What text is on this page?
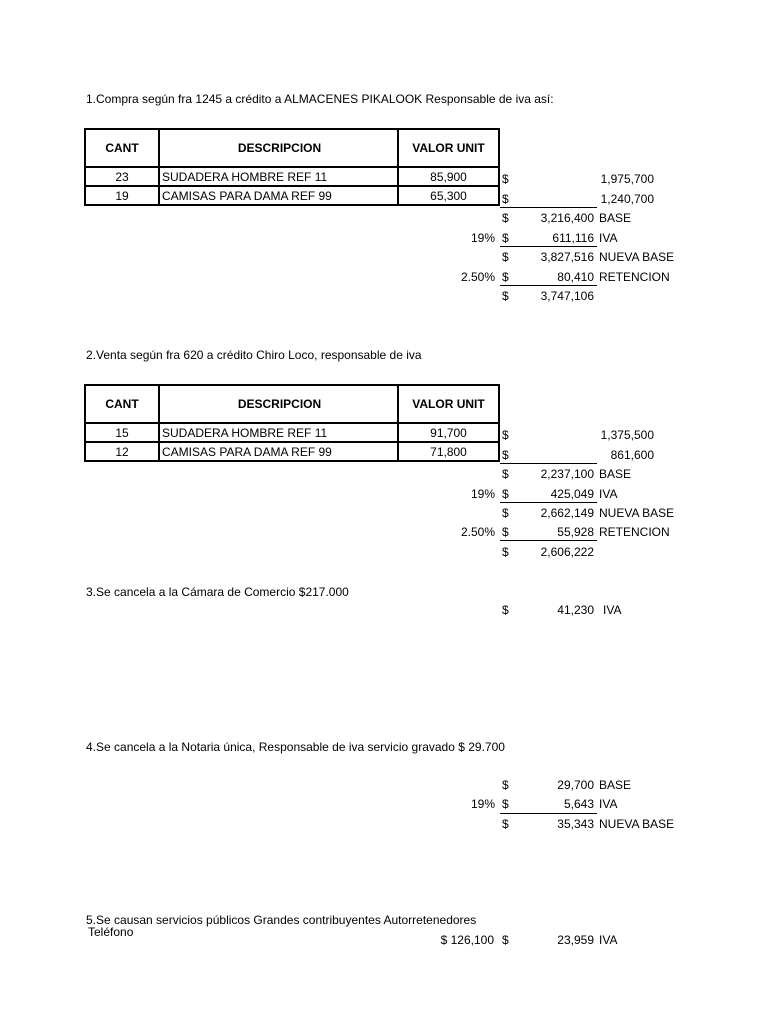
1.Compra según fra 1245 a crédito a ALMACENES PIKALOOK Responsable de iva así:
CANT	DESCRIPCION	VALOR UNIT
23	SUDADERA HOMBRE REF 11	85,900
19	CAMISAS PARA DAMA REF 99	65,300
$	1,975,700
$	1,240,700
$	3,216,400 BASE
19% $	611,116 IVA
$	3,827,516 NUEVA BASE
2.50% $	80,410 RETENCION
$	3,747,106
2.Venta según fra 620 a crédito Chiro Loco, responsable de iva
CANT	DESCRIPCION	VALOR UNIT
15	SUDADERA HOMBRE REF 11	91,700
12	CAMISAS PARA DAMA REF 99	71,800
$	1,375,500
$	861,600
$	2,237,100 BASE
19% $	425,049 IVA
$	2,662,149 NUEVA BASE
2.50% $	55,928 RETENCION
$	2,606,222
3.Se cancela a la Cámara de Comercio $217.000
$	41,230 IVA
4.Se cancela a la Notaria única, Responsable de iva servicio gravado $ 29.700
$	29,700 BASE
19% $	5,643 IVA
$	35,343 NUEVA BASE
5.Se causan servicios públicos Grandes contribuyentes Autorretenedores
Teléfono
$ 126,100 $	23,959 IVA
